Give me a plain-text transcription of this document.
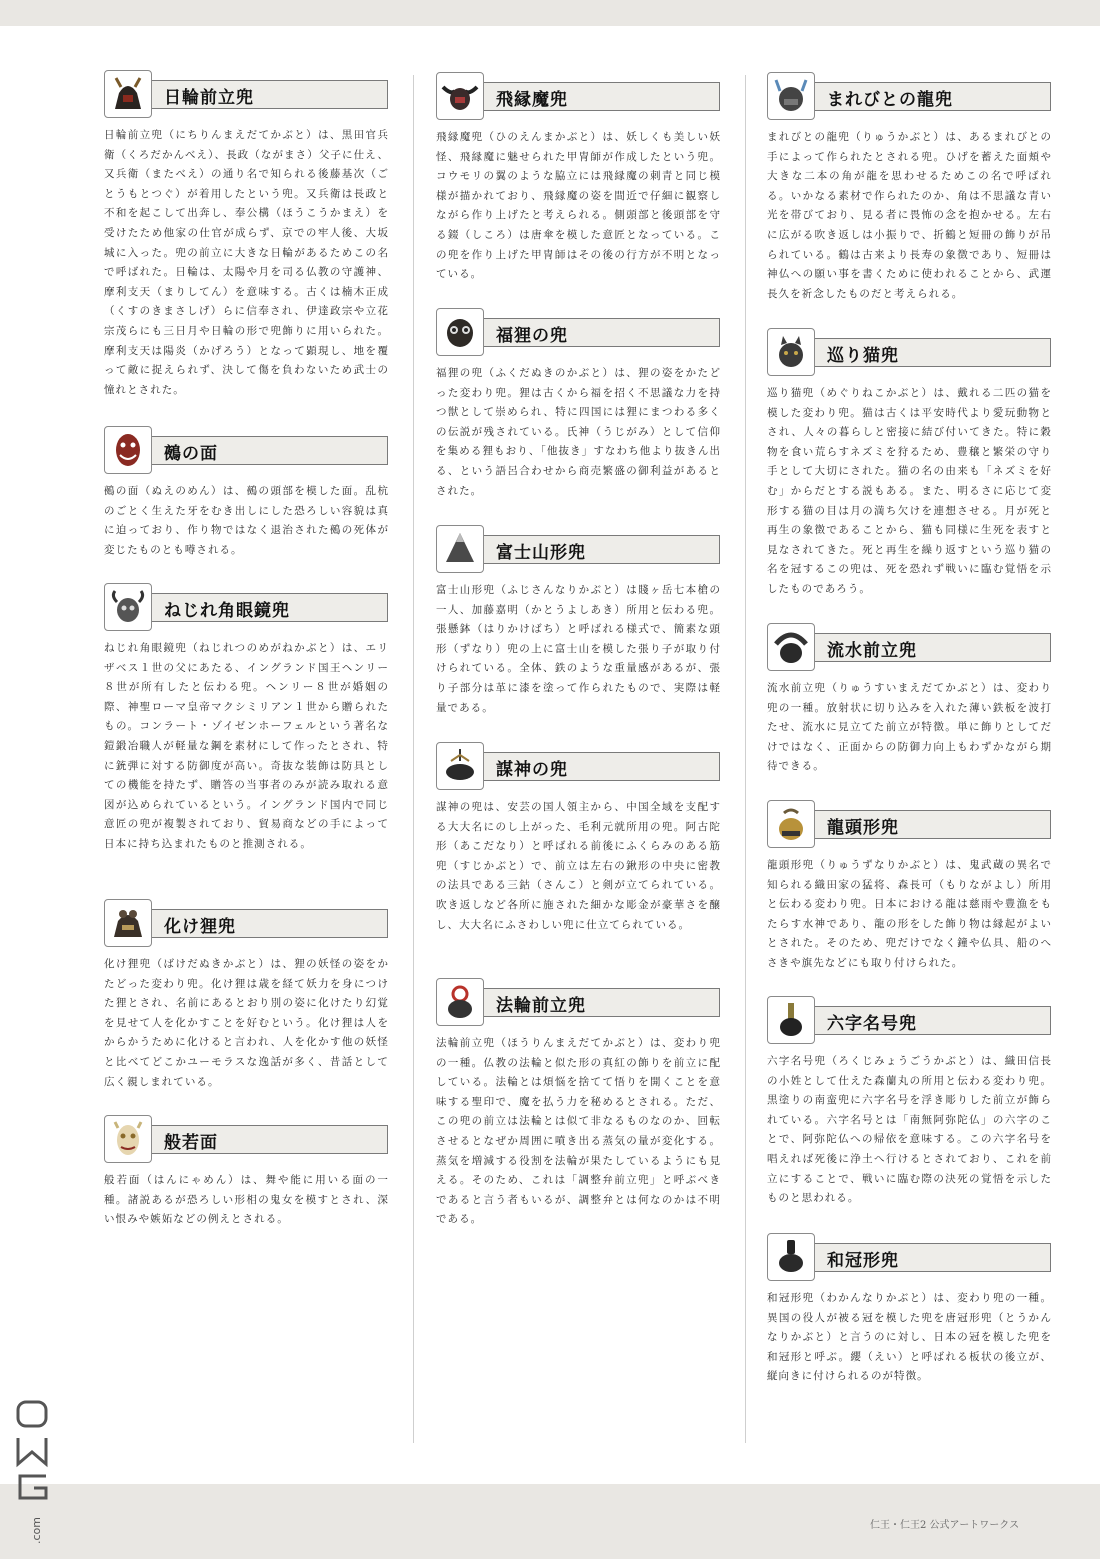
日輪前立兜
日輪前立兜（にちりんまえだてかぶと）は、黒田官兵衛（くろだかんべえ）、長政（ながまさ）父子に仕え、又兵衛（またべえ）の通り名で知られる後藤基次（ごとうもとつぐ）が着用したという兜。又兵衛は長政と不和を起こして出奔し、奉公構（ほうこうかまえ）を受けたため他家の仕官が成らず、京での牢人後、大坂城に入った。兜の前立に大きな日輪があるためこの名で呼ばれた。日輪は、太陽や月を司る仏教の守護神、摩利支天（まりしてん）を意味する。古くは楠木正成（くすのきまさしげ）らに信奉され、伊達政宗や立花宗茂らにも三日月や日輪の形で兜飾りに用いられた。摩利支天は陽炎（かげろう）となって顕現し、地を覆って敵に捉えられず、決して傷を負わないため武士の憧れとされた。
鵺の面
鵺の面（ぬえのめん）は、鵺の頭部を模した面。乱杭のごとく生えた牙をむき出しにした恐ろしい容貌は真に迫っており、作り物ではなく退治された鵺の死体が変じたものとも噂される。
ねじれ角眼鏡兜
ねじれ角眼鏡兜（ねじれつのめがねかぶと）は、エリザベス１世の父にあたる、イングランド国王ヘンリー８世が所有したと伝わる兜。ヘンリー８世が婚姻の際、神聖ローマ皇帝マクシミリアン１世から贈られたもの。コンラート・ゾイゼンホーフェルという著名な鎧鍛冶職人が軽量な鋼を素材にして作ったとされ、特に銃弾に対する防御度が高い。奇抜な装飾は防具としての機能を持たず、贈答の当事者のみが読み取れる意図が込められているという。イングランド国内で同じ意匠の兜が複製されており、貿易商などの手によって日本に持ち込まれたものと推測される。
化け狸兜
化け狸兜（ばけだぬきかぶと）は、狸の妖怪の姿をかたどった変わり兜。化け狸は歳を経て妖力を身につけた狸とされ、名前にあるとおり別の姿に化けたり幻覚を見せて人を化かすことを好むという。化け狸は人をからかうために化けると言われ、人を化かす他の妖怪と比べてどこかユーモラスな逸話が多く、昔話として広く親しまれている。
般若面
般若面（はんにゃめん）は、舞や能に用いる面の一種。諸説あるが恐ろしい形相の鬼女を模すとされ、深い恨みや嫉妬などの例えとされる。
飛縁魔兜
飛縁魔兜（ひのえんまかぶと）は、妖しくも美しい妖怪、飛縁魔に魅せられた甲冑師が作成したという兜。コウモリの翼のような脇立には飛縁魔の刺青と同じ模様が描かれており、飛縁魔の姿を間近で仔細に観察しながら作り上げたと考えられる。側頭部と後頭部を守る錣（しころ）は唐傘を模した意匠となっている。この兜を作り上げた甲冑師はその後の行方が不明となっている。
福狸の兜
福狸の兜（ふくだぬきのかぶと）は、狸の姿をかたどった変わり兜。狸は古くから福を招く不思議な力を持つ獣として崇められ、特に四国には狸にまつわる多くの伝説が残されている。氏神（うじがみ）として信仰を集める狸もおり、「他抜き」すなわち他より抜きん出る、という語呂合わせから商売繁盛の御利益があるとされた。
富士山形兜
富士山形兜（ふじさんなりかぶと）は賤ヶ岳七本槍の一人、加藤嘉明（かとうよしあき）所用と伝わる兜。張懸鉢（はりかけばち）と呼ばれる様式で、簡素な頭形（ずなり）兜の上に富士山を模した張り子が取り付けられている。全体、鉄のような重量感があるが、張り子部分は革に漆を塗って作られたもので、実際は軽量である。
謀神の兜
謀神の兜は、安芸の国人領主から、中国全域を支配する大大名にのし上がった、毛利元就所用の兜。阿古陀形（あこだなり）と呼ばれる前後にふくらみのある筋兜（すじかぶと）で、前立は左右の鍬形の中央に密教の法具である三鈷（さんこ）と剣が立てられている。吹き返しなど各所に施された細かな彫金が豪華さを醸し、大大名にふさわしい兜に仕立てられている。
法輪前立兜
法輪前立兜（ほうりんまえだてかぶと）は、変わり兜の一種。仏教の法輪と似た形の真紅の飾りを前立に配している。法輪とは煩悩を捨てて悟りを開くことを意味する聖印で、魔を払う力を秘めるとされる。ただ、この兜の前立は法輪とは似て非なるものなのか、回転させるとなぜか周囲に噴き出る蒸気の量が変化する。蒸気を増減する役割を法輪が果たしているようにも見える。そのため、これは「調整弁前立兜」と呼ぶべきであると言う者もいるが、調整弁とは何なのかは不明である。
まれびとの龍兜
まれびとの龍兜（りゅうかぶと）は、あるまれびとの手によって作られたとされる兜。ひげを蓄えた面頬や大きな二本の角が龍を思わせるためこの名で呼ばれる。いかなる素材で作られたのか、角は不思議な青い光を帯びており、見る者に畏怖の念を抱かせる。左右に広がる吹き返しは小振りで、折鶴と短冊の飾りが吊られている。鶴は古来より長寿の象徴であり、短冊は神仏への願い事を書くために使われることから、武運長久を祈念したものだと考えられる。
巡り猫兜
巡り猫兜（めぐりねこかぶと）は、戴れる二匹の猫を模した変わり兜。猫は古くは平安時代より愛玩動物とされ、人々の暮らしと密接に結び付いてきた。特に穀物を食い荒らすネズミを狩るため、豊穣と繁栄の守り手として大切にされた。猫の名の由来も「ネズミを好む」からだとする説もある。また、明るさに応じて変形する猫の目は月の満ち欠けを連想させる。月が死と再生の象徴であることから、猫も同様に生死を表すと見なされてきた。死と再生を繰り返すという巡り猫の名を冠するこの兜は、死を恐れず戦いに臨む覚悟を示したものであろう。
流水前立兜
流水前立兜（りゅうすいまえだてかぶと）は、変わり兜の一種。放射状に切り込みを入れた薄い鉄板を波打たせ、流水に見立てた前立が特徴。単に飾りとしてだけではなく、正面からの防御力向上もわずかながら期待できる。
龍頭形兜
龍頭形兜（りゅうずなりかぶと）は、鬼武蔵の異名で知られる織田家の猛将、森長可（もりながよし）所用と伝わる変わり兜。日本における龍は慈雨や豊漁をもたらす水神であり、龍の形をした飾り物は縁起がよいとされた。そのため、兜だけでなく鐘や仏具、船のへさきや旗先などにも取り付けられた。
六字名号兜
六字名号兜（ろくじみょうごうかぶと）は、織田信長の小姓として仕えた森蘭丸の所用と伝わる変わり兜。黒塗りの南蛮兜に六字名号を浮き彫りした前立が飾られている。六字名号とは「南無阿弥陀仏」の六字のことで、阿弥陀仏への帰依を意味する。この六字名号を唱えれば死後に浄土へ行けるとされており、これを前立にすることで、戦いに臨む際の決死の覚悟を示したものと思われる。
和冠形兜
和冠形兜（わかんなりかぶと）は、変わり兜の一種。異国の役人が被る冠を模した兜を唐冠形兜（とうかんなりかぶと）と言うのに対し、日本の冠を模した兜を和冠形と呼ぶ。纓（えい）と呼ばれる板状の後立が、縦向きに付けられるのが特徴。
仁王・仁王2 公式アートワークス
.com
